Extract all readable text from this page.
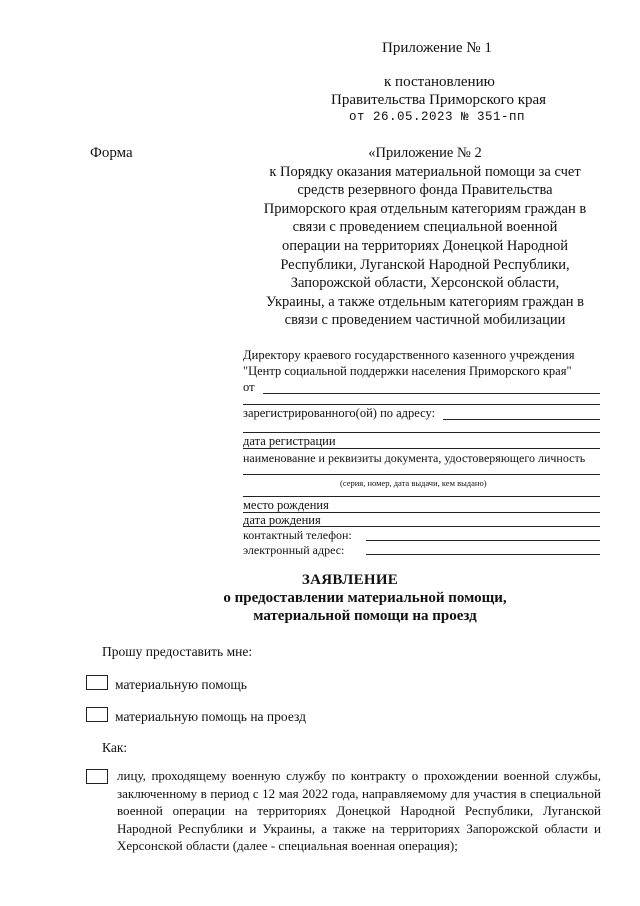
Приложение № 1
к постановлению
Правительства Приморского края
от 26.05.2023 № 351-пп
Форма	«Приложение № 2
к Порядку оказания материальной помощи за счет
средств резервного фонда Правительства
Приморского края отдельным категориям граждан в
связи с проведением специальной военной
операции на территориях Донецкой Народной
Республики, Луганской Народной Республики,
Запорожской области, Херсонской области,
Украины, а также отдельным категориям граждан в
связи с проведением частичной мобилизации
Директору краевого государственного казенного учреждения
"Центр социальной поддержки населения Приморского края"
от
зарегистрированного(ой) по адресу:
дата регистрации
наименование и реквизиты документа, удостоверяющего личность
(серия, номер, дата выдачи, кем выдано)
место рождения
дата рождения
контактный телефон:
электронный адрес:
ЗАЯВЛЕНИЕ
о предоставлении материальной помощи,
материальной помощи на проезд
Прошу предоставить мне:
материальную помощь
материальную помощь на проезд
Как:
лицу, проходящему военную службу по контракту о прохождении военной службы, заключенному в период с 12 мая 2022 года, направляемому для участия в специальной военной операции на территориях Донецкой Народной Республики, Луганской Народной Республики и Украины, а также на территориях Запорожской области и Херсонской области (далее - специальная военная операция);
